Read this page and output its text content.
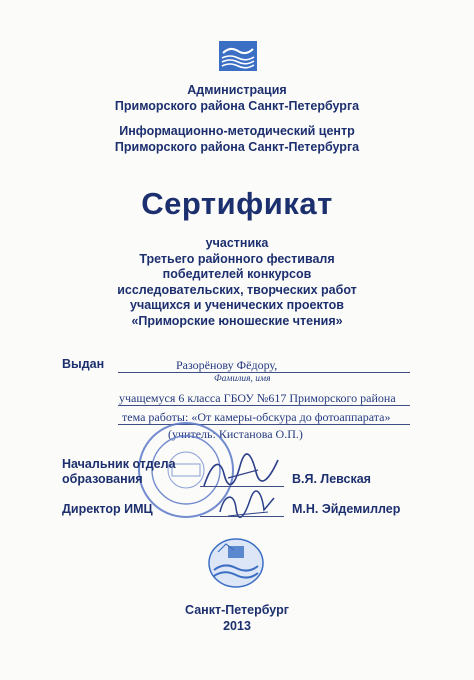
Администрация
Приморского района Санкт-Петербурга
Информационно-методический центр
Приморского района Санкт-Петербурга
Сертификат
участника
Третьего районного фестиваля
победителей конкурсов
исследовательских, творческих работ
учащихся и ученических проектов
«Приморские юношеские чтения»
Выдан	Разорёнову Фёдору,
Фамилия, имя
учащемуся 6 класса ГБОУ №617 Приморского района
тема работы: «От камеры-обскура до фотоаппарата»
(учитель: Кистанова О.П.)
Начальник отдела
образования	В.Я. Левская
Директор ИМЦ	М.Н. Эйдемиллер
Санкт-Петербург
2013
